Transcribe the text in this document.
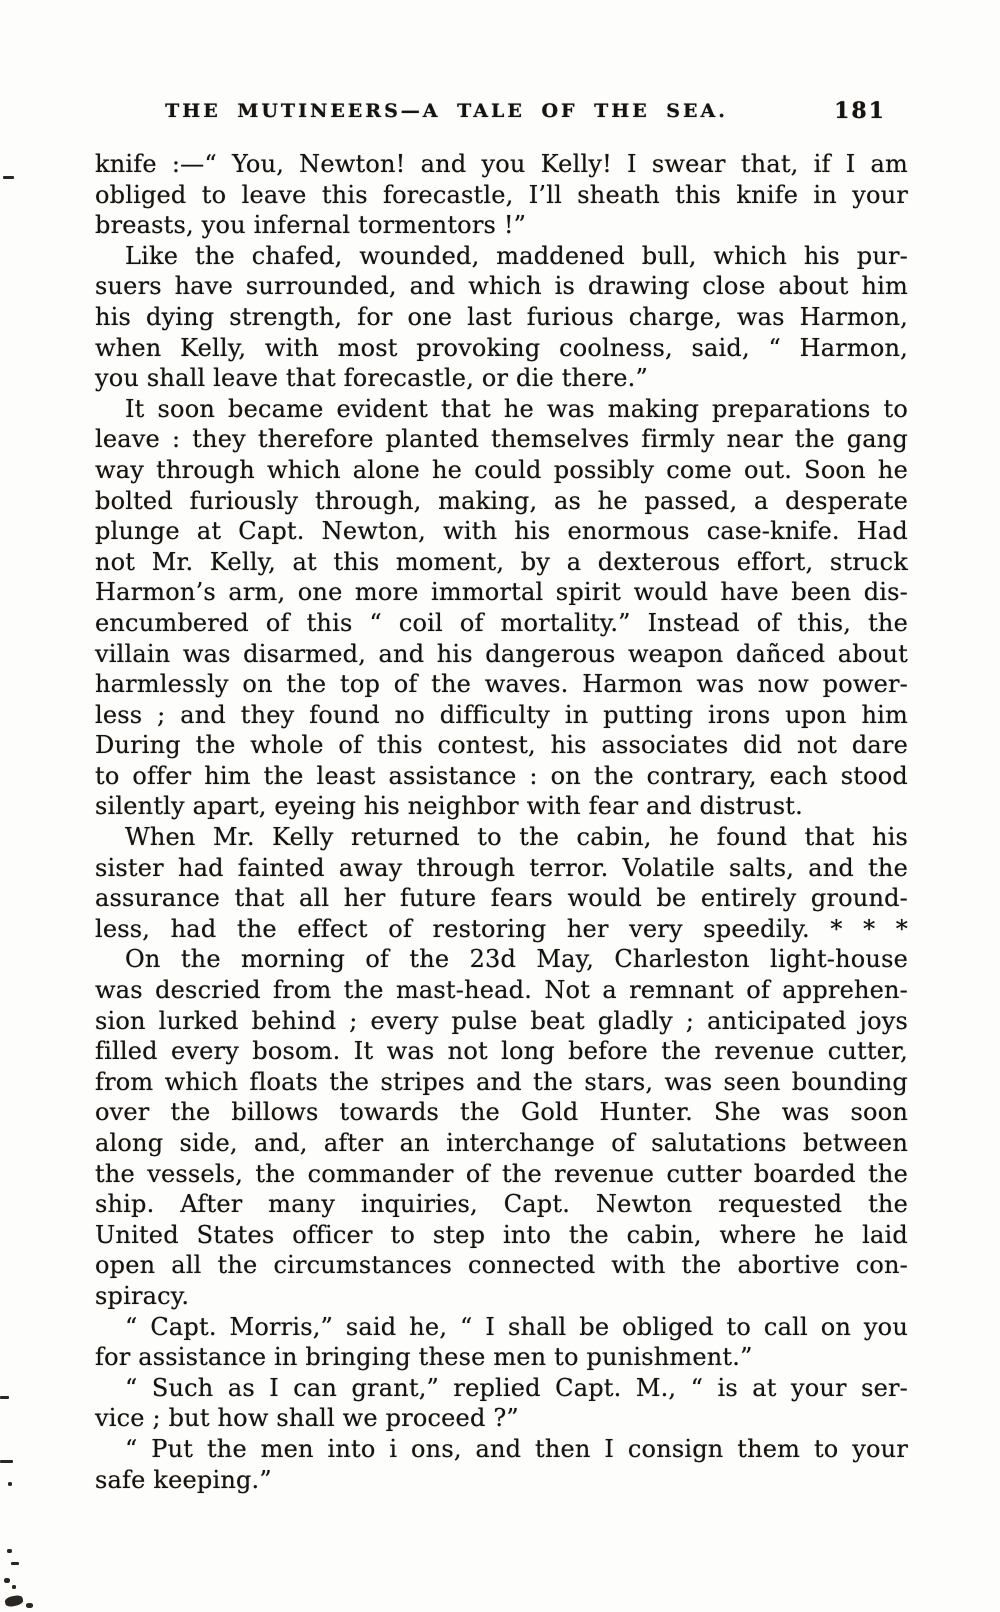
THE MUTINEERS—A TALE OF THE SEA.	181
knife :—“ You, Newton! and you Kelly! I swear that, if I am
obliged to leave this forecastle, I’ll sheath this knife in your
breasts, you infernal tormentors !”
Like the chafed, wounded, maddened bull, which his pur-
suers have surrounded, and which is drawing close about him
his dying strength, for one last furious charge, was Harmon,
when Kelly, with most provoking coolness, said, “ Harmon,
you shall leave that forecastle, or die there.”
It soon became evident that he was making preparations to
leave : they therefore planted themselves firmly near the gang
way through which alone he could possibly come out. Soon he
bolted furiously through, making, as he passed, a desperate
plunge at Capt. Newton, with his enormous case-knife. Had
not Mr. Kelly, at this moment, by a dexterous effort, struck
Harmon’s arm, one more immortal spirit would have been dis-
encumbered of this “ coil of mortality.” Instead of this, the
villain was disarmed, and his dangerous weapon dañced about
harmlessly on the top of the waves. Harmon was now power-
less ; and they found no difficulty in putting irons upon him
During the whole of this contest, his associates did not dare
to offer him the least assistance : on the contrary, each stood
silently apart, eyeing his neighbor with fear and distrust.
When Mr. Kelly returned to the cabin, he found that his
sister had fainted away through terror. Volatile salts, and the
assurance that all her future fears would be entirely ground-
less, had the effect of restoring her very speedily. * * *
On the morning of the 23d May, Charleston light-house
was descried from the mast-head. Not a remnant of apprehen-
sion lurked behind ; every pulse beat gladly ; anticipated joys
filled every bosom. It was not long before the revenue cutter,
from which floats the stripes and the stars, was seen bounding
over the billows towards the Gold Hunter. She was soon
along side, and, after an interchange of salutations between
the vessels, the commander of the revenue cutter boarded the
ship. After many inquiries, Capt. Newton requested the
United States officer to step into the cabin, where he laid
open all the circumstances connected with the abortive con-
spiracy.
“ Capt. Morris,” said he, “ I shall be obliged to call on you
for assistance in bringing these men to punishment.”
“ Such as I can grant,” replied Capt. M., “ is at your ser-
vice ; but how shall we proceed ?”
“ Put the men into i ons, and then I consign them to your
safe keeping.”
